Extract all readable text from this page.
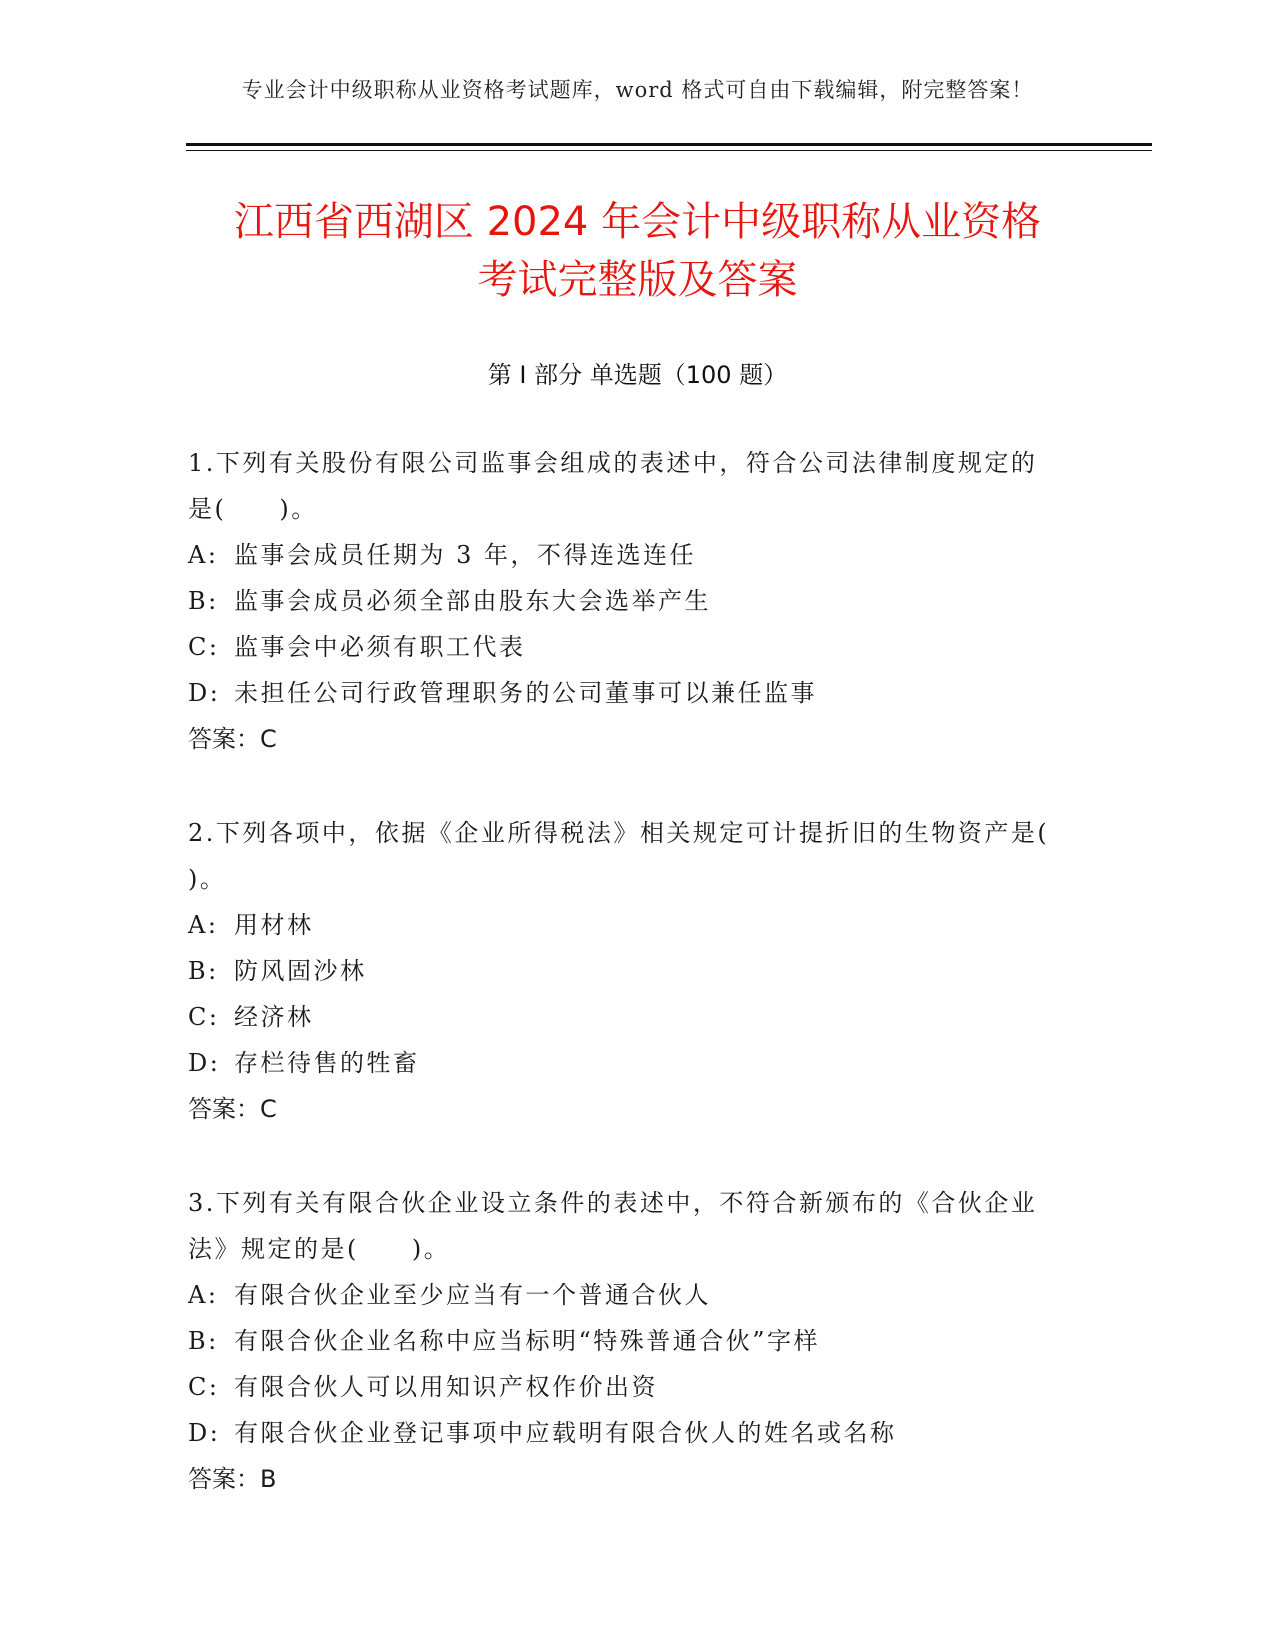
专业会计中级职称从业资格考试题库，word 格式可自由下载编辑，附完整答案！
江西省西湖区 2024 年会计中级职称从业资格
考试完整版及答案
第 I 部分 单选题（100 题）

1.下列有关股份有限公司监事会组成的表述中，符合公司法律制度规定的是(　　)。

A: 监事会成员任期为 3 年，不得连选连任

B: 监事会成员必须全部由股东大会选举产生

C: 监事会中必须有职工代表

D: 未担任公司行政管理职务的公司董事可以兼任监事

答案：C

2.下列各项中，依据《企业所得税法》相关规定可计提折旧的生物资产是( )。

A: 用材林

B: 防风固沙林

C: 经济林

D: 存栏待售的牲畜

答案：C

3.下列有关有限合伙企业设立条件的表述中，不符合新颁布的《合伙企业法》规定的是(　　)。

A: 有限合伙企业至少应当有一个普通合伙人

B: 有限合伙企业名称中应当标明“特殊普通合伙”字样

C: 有限合伙人可以用知识产权作价出资

D: 有限合伙企业登记事项中应载明有限合伙人的姓名或名称

答案：B
